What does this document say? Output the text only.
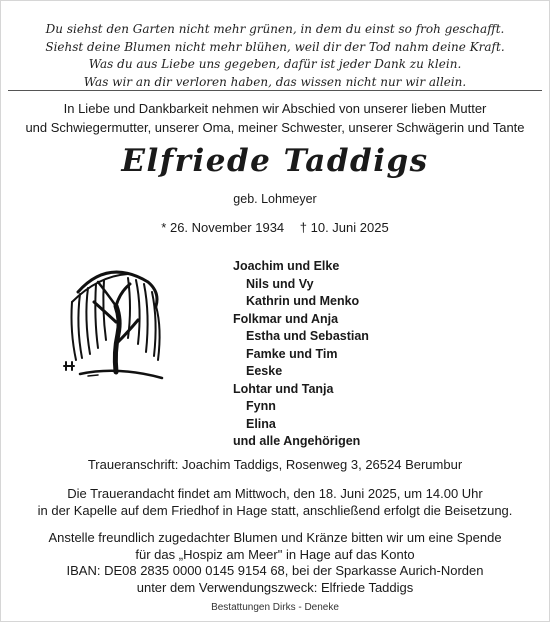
Du siehst den Garten nicht mehr grünen, in dem du einst so froh geschafft.
Siehst deine Blumen nicht mehr blühen, weil dir der Tod nahm deine Kraft.
Was du aus Liebe uns gegeben, dafür ist jeder Dank zu klein.
Was wir an dir verloren haben, das wissen nicht nur wir allein.
In Liebe und Dankbarkeit nehmen wir Abschied von unserer lieben Mutter
und Schwiegermutter, unserer Oma, meiner Schwester, unserer Schwägerin und Tante
Elfriede Taddigs
geb. Lohmeyer
* 26. November 1934 † 10. Juni 2025
Joachim und Elke
Nils und Vy
Kathrin und Menko
Folkmar und Anja
Estha und Sebastian
Famke und Tim
Eeske
Lohtar und Tanja
Fynn
Elina
und alle Angehörigen
Traueranschrift: Joachim Taddigs, Rosenweg 3, 26524 Berumbur
Die Trauerandacht findet am Mittwoch, den 18. Juni 2025, um 14.00 Uhr
in der Kapelle auf dem Friedhof in Hage statt, anschließend erfolgt die Beisetzung.
Anstelle freundlich zugedachter Blumen und Kränze bitten wir um eine Spende
für das „Hospiz am Meer" in Hage auf das Konto
IBAN: DE08 2835 0000 0145 9154 68, bei der Sparkasse Aurich-Norden
unter dem Verwendungszweck: Elfriede Taddigs
Bestattungen Dirks - Deneke
